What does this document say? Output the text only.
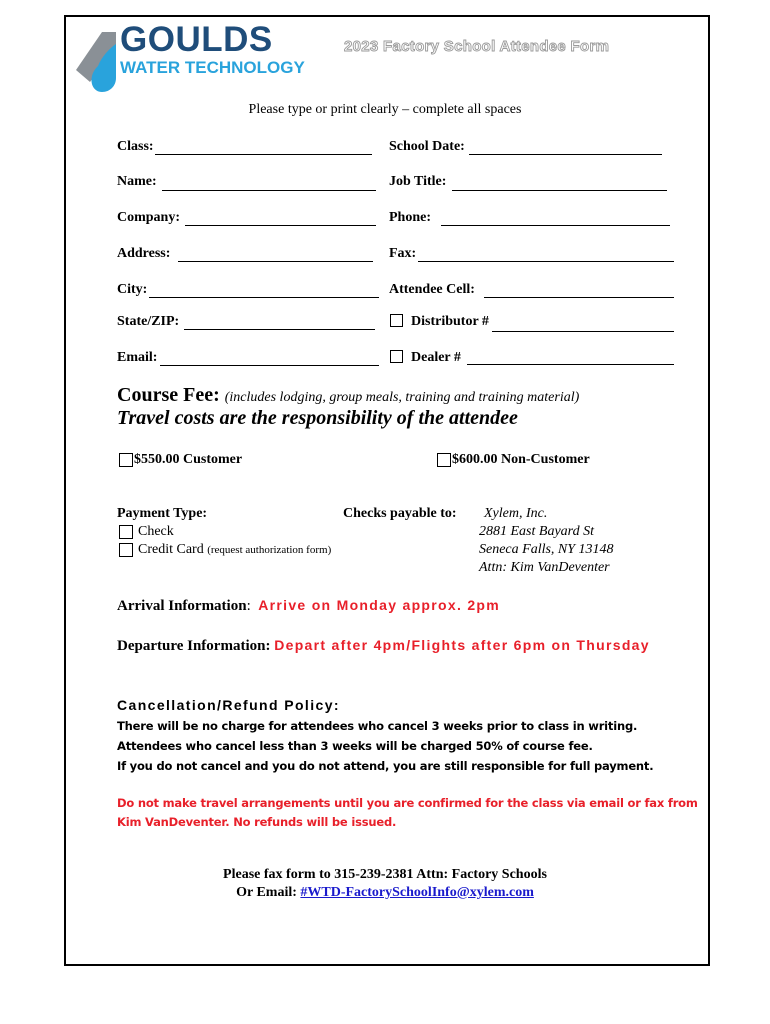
GOULDS
WATER TECHNOLOGY
2023 Factory School Attendee Form
Please type or print clearly – complete all spaces
Class:	School Date:
Name:	Job Title:
Company:	Phone:
Address:	Fax:
City:	Attendee Cell:
State/ZIP:	Distributor #
Email:	Dealer #
Course Fee: (includes lodging, group meals, training and training material)
Travel costs are the responsibility of the attendee
$550.00 Customer	$600.00 Non-Customer
Payment Type:
Check
Credit Card (request authorization form)
Checks payable to: Xylem, Inc.
2881 East Bayard St
Seneca Falls, NY 13148
Attn: Kim VanDeventer
Arrival Information: Arrive on Monday approx. 2pm
Departure Information: Depart after 4pm/Flights after 6pm on Thursday
Cancellation/Refund Policy:
There will be no charge for attendees who cancel 3 weeks prior to class in writing.
Attendees who cancel less than 3 weeks will be charged 50% of course fee.
If you do not cancel and you do not attend, you are still responsible for full payment.
Do not make travel arrangements until you are confirmed for the class via email or fax from
Kim VanDeventer. No refunds will be issued.
Please fax form to 315-239-2381 Attn: Factory Schools
Or Email: #WTD-FactorySchoolInfo@xylem.com
